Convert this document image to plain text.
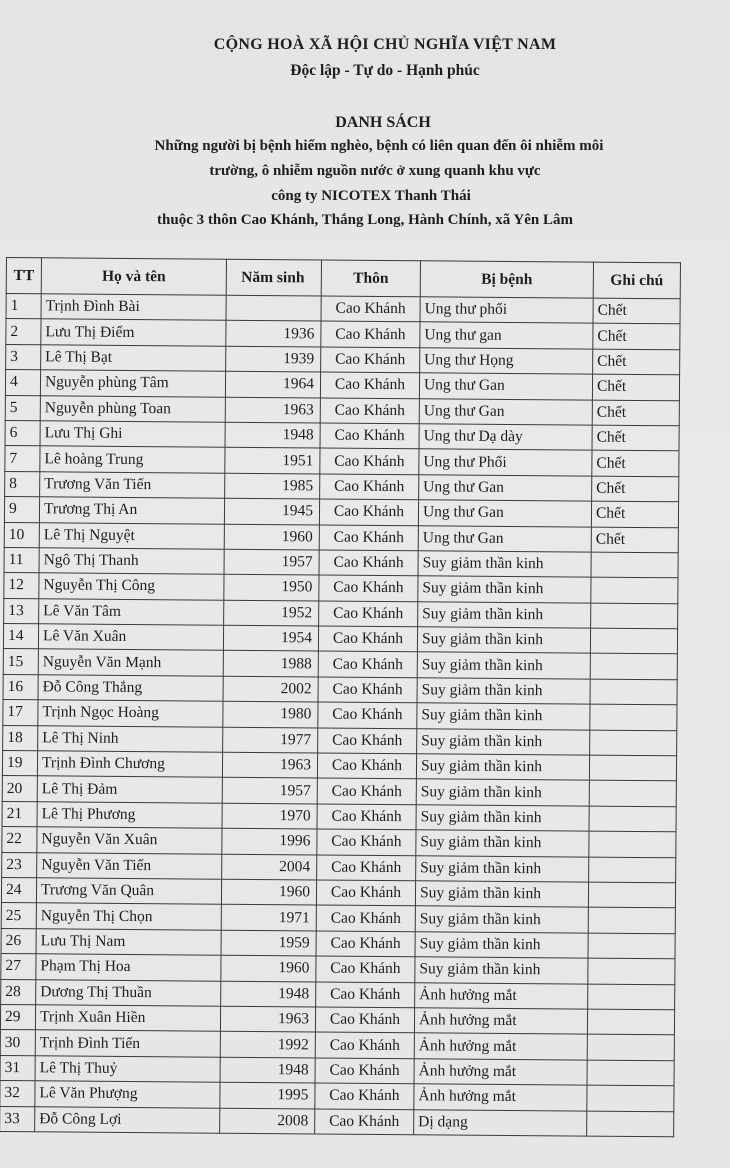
CỘNG HOÀ XÃ HỘI CHỦ NGHĨA VIỆT NAM
Độc lập - Tự do - Hạnh phúc
DANH SÁCH
Những người bị bệnh hiểm nghèo, bệnh có liên quan đến ôi nhiễm môi
trường, ô nhiễm nguồn nước ở xung quanh khu vực
công ty NICOTEX Thanh Thái
thuộc 3 thôn Cao Khánh, Thắng Long, Hành Chính, xã Yên Lâm
TT	Họ và tên	Năm sinh	Thôn	Bị bệnh	Ghi chú
1	Trịnh Đình Bài		Cao Khánh	Ung thư phổi	Chết
2	Lưu Thị Điểm	1936	Cao Khánh	Ung thư gan	Chết
3	Lê Thị Bạt	1939	Cao Khánh	Ung thư Họng	Chết
4	Nguyễn phùng Tâm	1964	Cao Khánh	Ung thư Gan	Chết
5	Nguyễn phùng Toan	1963	Cao Khánh	Ung thư Gan	Chết
6	Lưu Thị Ghi	1948	Cao Khánh	Ung thư Dạ dày	Chết
7	Lê hoàng Trung	1951	Cao Khánh	Ung thư Phổi	Chết
8	Trương Văn Tiến	1985	Cao Khánh	Ung thư Gan	Chết
9	Trương Thị An	1945	Cao Khánh	Ung thư Gan	Chết
10	Lê Thị Nguyệt	1960	Cao Khánh	Ung thư Gan	Chết
11	Ngô Thị Thanh	1957	Cao Khánh	Suy giảm thần kinh	
12	Nguyễn Thị Công	1950	Cao Khánh	Suy giảm thần kinh	
13	Lê Văn Tâm	1952	Cao Khánh	Suy giảm thần kinh	
14	Lê Văn Xuân	1954	Cao Khánh	Suy giảm thần kinh	
15	Nguyễn Văn Mạnh	1988	Cao Khánh	Suy giảm thần kinh	
16	Đỗ Công Thắng	2002	Cao Khánh	Suy giảm thần kinh	
17	Trịnh Ngọc Hoàng	1980	Cao Khánh	Suy giảm thần kinh	
18	Lê Thị Ninh	1977	Cao Khánh	Suy giảm thần kinh	
19	Trịnh Đình Chương	1963	Cao Khánh	Suy giảm thần kinh	
20	Lê Thị Đảm	1957	Cao Khánh	Suy giảm thần kinh	
21	Lê Thị Phương	1970	Cao Khánh	Suy giảm thần kinh	
22	Nguyễn Văn Xuân	1996	Cao Khánh	Suy giảm thần kinh	
23	Nguyễn Văn Tiến	2004	Cao Khánh	Suy giảm thần kinh	
24	Trương Văn Quân	1960	Cao Khánh	Suy giảm thần kinh	
25	Nguyễn Thị Chọn	1971	Cao Khánh	Suy giảm thần kinh	
26	Lưu Thị Nam	1959	Cao Khánh	Suy giảm thần kinh	
27	Phạm Thị Hoa	1960	Cao Khánh	Suy giảm thần kinh	
28	Dương Thị Thuần	1948	Cao Khánh	Ảnh hưởng mắt	
29	Trịnh Xuân Hiền	1963	Cao Khánh	Ảnh hưởng mắt	
30	Trịnh Đình Tiến	1992	Cao Khánh	Ảnh hưởng mắt	
31	Lê Thị Thuỷ	1948	Cao Khánh	Ảnh hưởng mắt	
32	Lê Văn Phượng	1995	Cao Khánh	Ảnh hưởng mắt	
33	Đỗ Công Lợi	2008	Cao Khánh	Dị dạng	
